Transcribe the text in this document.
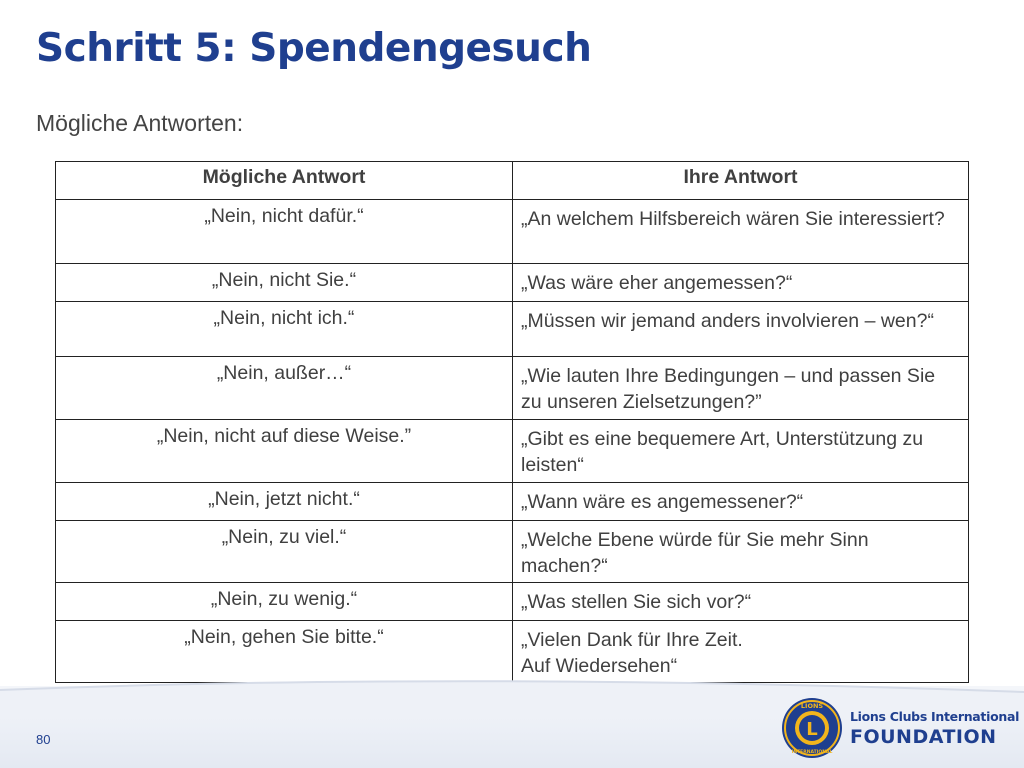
Schritt 5: Spendengesuch

Mögliche Antworten:

Mögliche Antwort	Ihre Antwort
„Nein, nicht dafür.“	„An welchem Hilfsbereich wären Sie interessiert?
„Nein, nicht Sie.“	„Was wäre eher angemessen?“
„Nein, nicht ich.“	„Müssen wir jemand anders involvieren – wen?“
„Nein, außer…“	„Wie lauten Ihre Bedingungen – und passen Sie zu unseren Zielsetzungen?”
„Nein, nicht auf diese Weise.”	„Gibt es eine bequemere Art, Unterstützung zu leisten“
„Nein, jetzt nicht.“	„Wann wäre es angemessener?“
„Nein, zu viel.“	„Welche Ebene würde für Sie mehr Sinn machen?“
„Nein, zu wenig.“	„Was stellen Sie sich vor?“
„Nein, gehen Sie bitte.“	„Vielen Dank für Ihre Zeit.
Auf Wiedersehen“
80	L
LIONS
INTERNATIONAL
Lions Clubs International
FOUNDATION
